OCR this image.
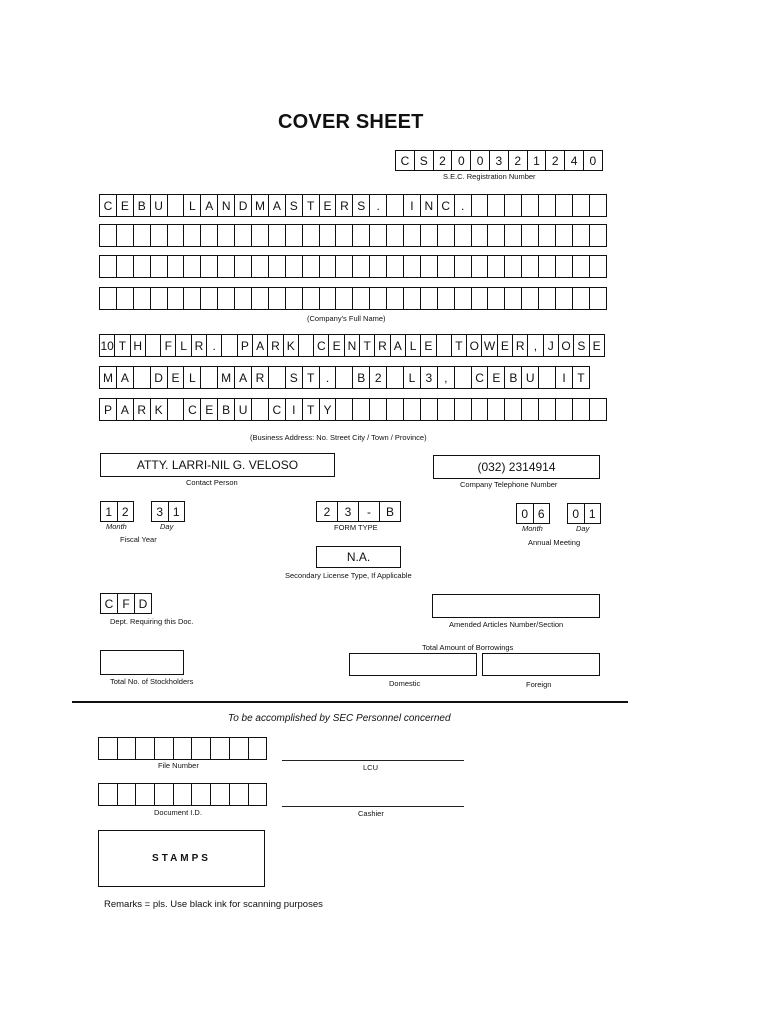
COVER SHEET
C S 2	0	0	3	2	1	2	4	0
S.E.C. Registration Number
C E B U	L A N D M A S T E R S .	I N C .
(Company's Full Name)
10 T H	F L R .	P A R K	C E N T R A L E	T O W E R , J O S E
M A	D E L	M A R	S T .	B 2	L 3 ,	C E B U	I T
P A R K	C E B U	C I T Y
(Business Address: No. Street City / Town / Province)
ATTY. LARRI-NIL G. VELOSO
Contact Person
(032) 2314914
Company Telephone Number
1 2	3 1
Month	Day
Fiscal Year
2	3	-	B
FORM TYPE
0 6	0 1
Month	Day
Annual Meeting
N.A.
Secondary License Type, If Applicable
C F D
Dept. Requiring this Doc.	Amended Articles Number/Section
Total Amount of Borrowings
Domestic	Foreign
Total No. of Stockholders
To be accomplished by SEC Personnel concerned
File Number	LCU
Document I.D.	Cashier
STAMPS
Remarks = pls. Use black ink for scanning purposes
